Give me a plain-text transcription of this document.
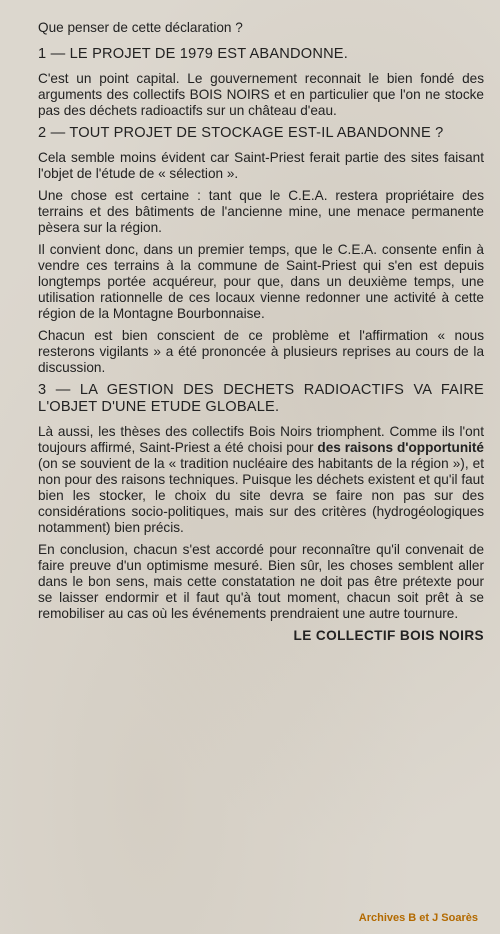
Que penser de cette déclaration ?

1 — LE PROJET DE 1979 EST ABANDONNE.

C'est un point capital. Le gouvernement reconnait le bien fondé des arguments des collectifs BOIS NOIRS et en particulier que l'on ne stocke pas des déchets radioactifs sur un château d'eau.

2 — TOUT PROJET DE STOCKAGE EST-IL ABANDONNE ?

Cela semble moins évident car Saint-Priest ferait partie des sites faisant l'objet de l'étude de « sélection ».

Une chose est certaine : tant que le C.E.A. restera propriétaire des terrains et des bâtiments de l'ancienne mine, une menace permanente pèsera sur la région.

Il convient donc, dans un premier temps, que le C.E.A. consente enfin à vendre ces terrains à la commune de Saint-Priest qui s'en est depuis longtemps portée acquéreur, pour que, dans un deuxième temps, une utilisation rationnelle de ces locaux vienne redonner une activité à cette région de la Montagne Bourbonnaise.

Chacun est bien conscient de ce problème et l'affirmation « nous resterons vigilants » a été prononcée à plusieurs reprises au cours de la discussion.

3 — LA GESTION DES DECHETS RADIOACTIFS VA FAIRE L'OBJET D'UNE ETUDE GLOBALE.

Là aussi, les thèses des collectifs Bois Noirs triomphent. Comme ils l'ont toujours affirmé, Saint-Priest a été choisi pour des raisons d'opportunité (on se souvient de la « tradition nucléaire des habitants de la région »), et non pour des raisons techniques. Puisque les déchets existent et qu'il faut bien les stocker, le choix du site devra se faire non pas sur des considérations socio-politiques, mais sur des critères (hydrogéologiques notamment) bien précis.

En conclusion, chacun s'est accordé pour reconnaître qu'il convenait de faire preuve d'un optimisme mesuré. Bien sûr, les choses semblent aller dans le bon sens, mais cette constatation ne doit pas être prétexte pour se laisser endormir et il faut qu'à tout moment, chacun soit prêt à se remobiliser au cas où les événements prendraient une autre tournure.

LE COLLECTIF BOIS NOIRS
Archives B et J Soarès
